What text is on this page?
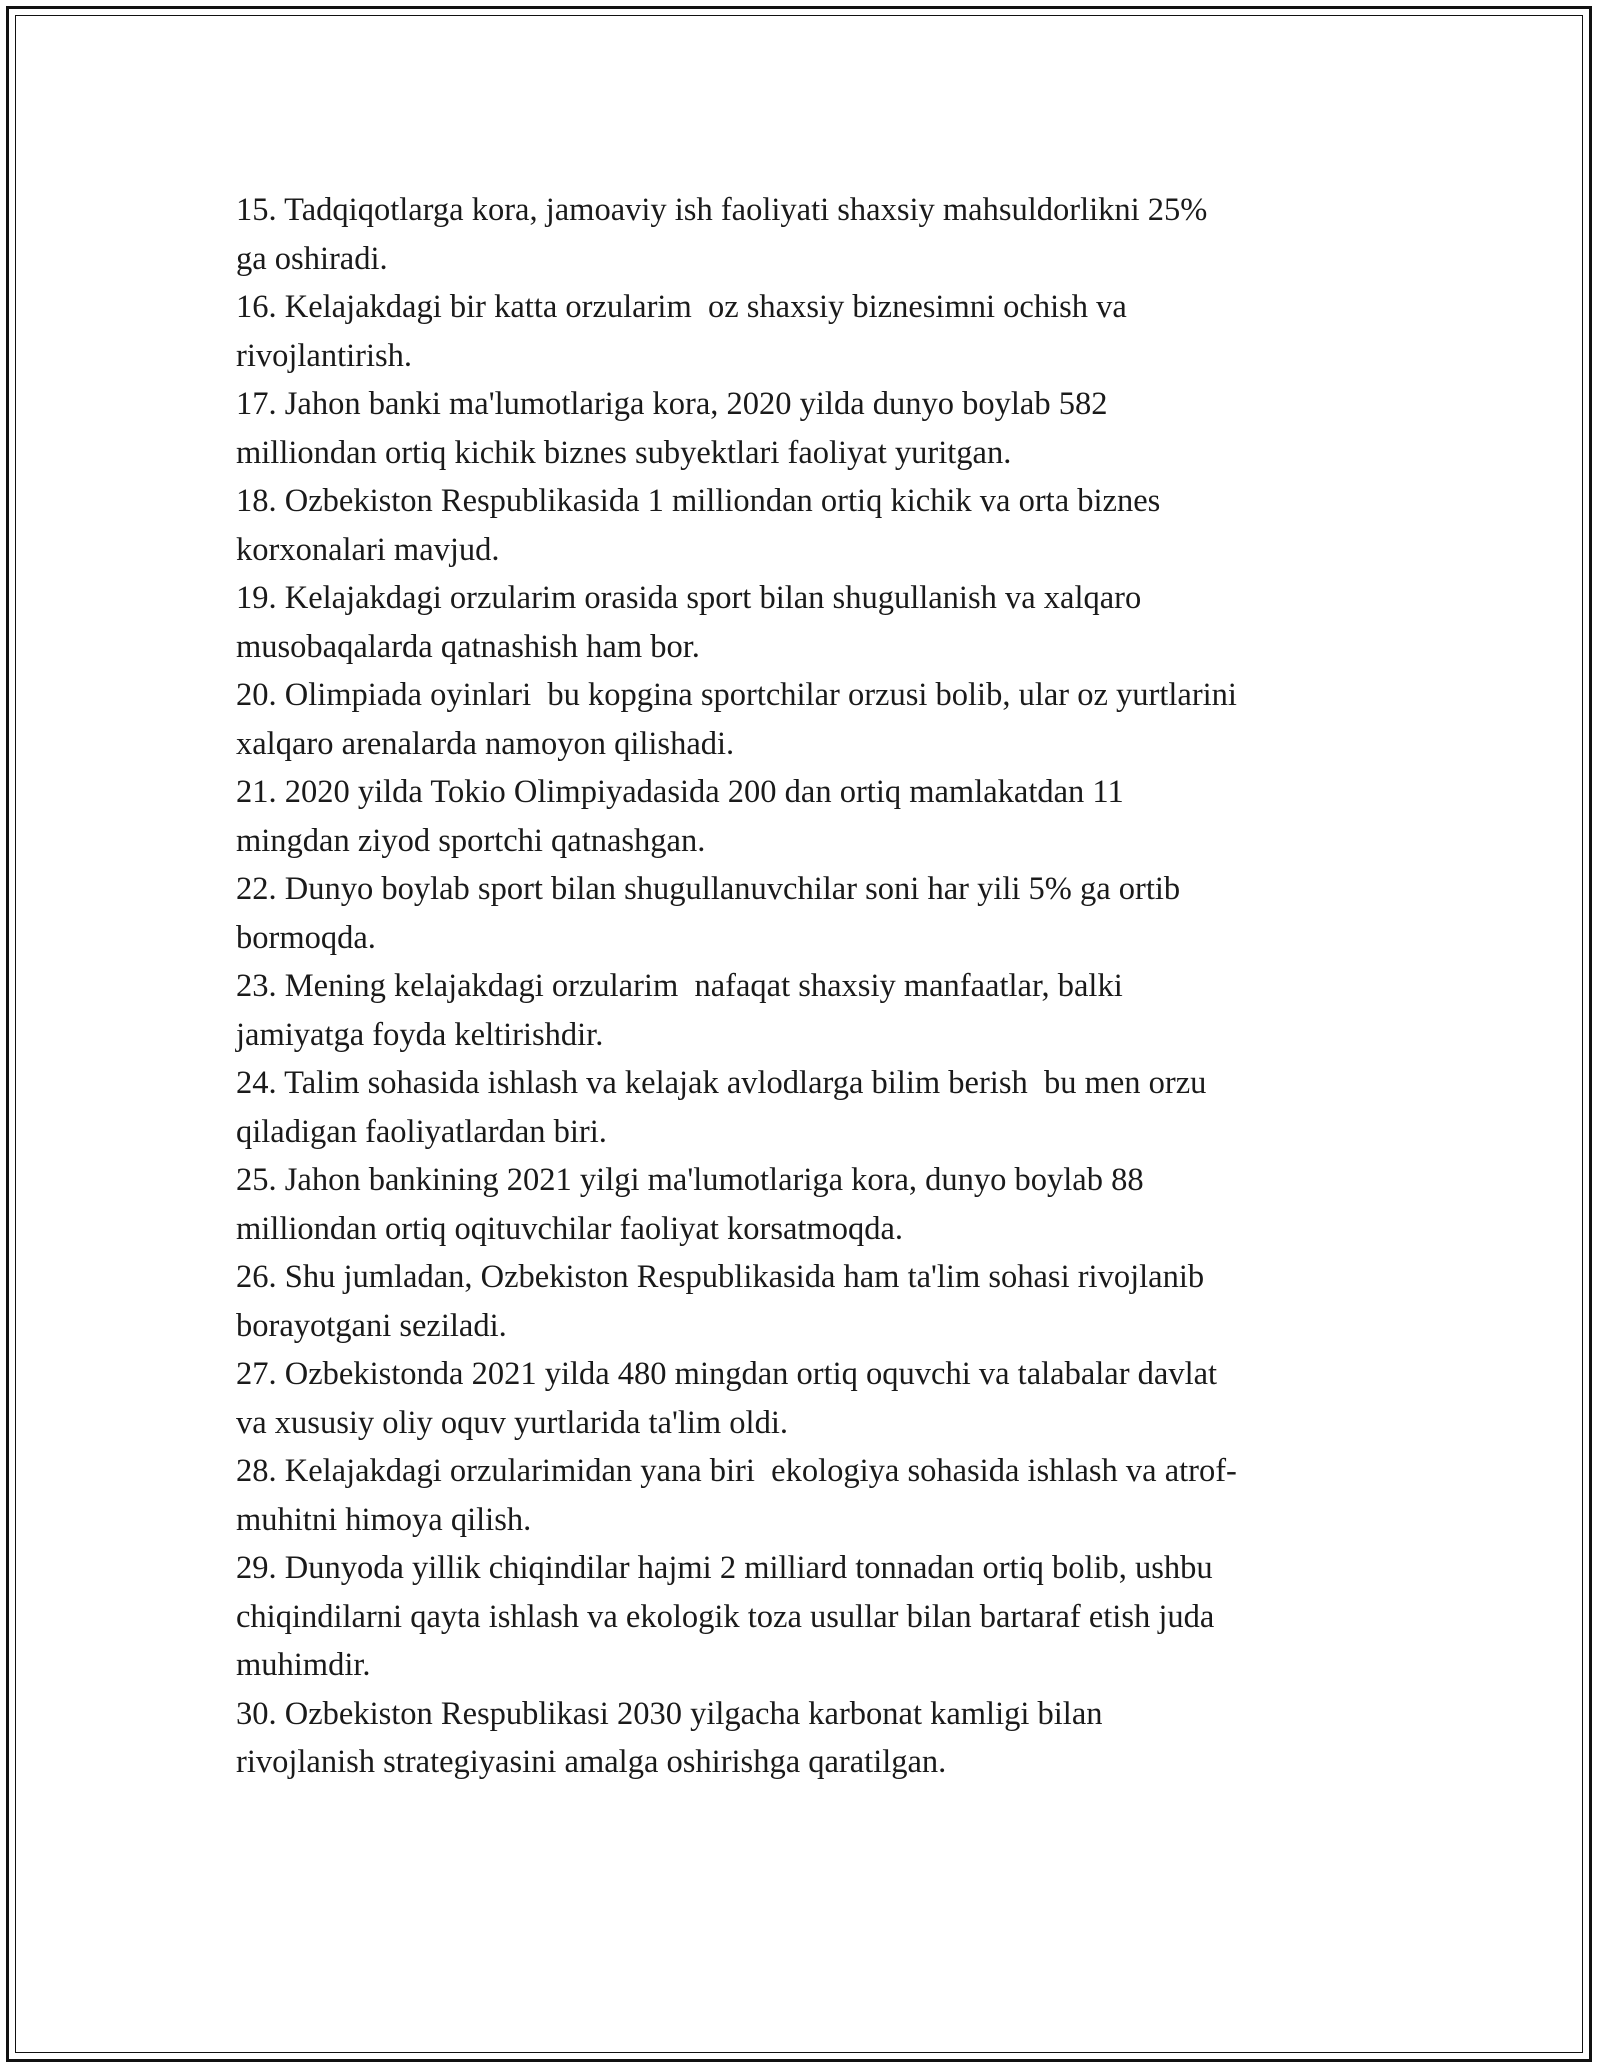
15. Tadqiqotlarga kora, jamoaviy ish faoliyati shaxsiy mahsuldorlikni 25%
ga oshiradi.
16. Kelajakdagi bir katta orzularim  oz shaxsiy biznesimni ochish va
rivojlantirish.
17. Jahon banki ma'lumotlariga kora, 2020 yilda dunyo boylab 582
milliondan ortiq kichik biznes subyektlari faoliyat yuritgan.
18. Ozbekiston Respublikasida 1 milliondan ortiq kichik va orta biznes
korxonalari mavjud.
19. Kelajakdagi orzularim orasida sport bilan shugullanish va xalqaro
musobaqalarda qatnashish ham bor.
20. Olimpiada oyinlari  bu kopgina sportchilar orzusi bolib, ular oz yurtlarini
xalqaro arenalarda namoyon qilishadi.
21. 2020 yilda Tokio Olimpiyadasida 200 dan ortiq mamlakatdan 11
mingdan ziyod sportchi qatnashgan.
22. Dunyo boylab sport bilan shugullanuvchilar soni har yili 5% ga ortib
bormoqda.
23. Mening kelajakdagi orzularim  nafaqat shaxsiy manfaatlar, balki
jamiyatga foyda keltirishdir.
24. Talim sohasida ishlash va kelajak avlodlarga bilim berish  bu men orzu
qiladigan faoliyatlardan biri.
25. Jahon bankining 2021 yilgi ma'lumotlariga kora, dunyo boylab 88
milliondan ortiq oqituvchilar faoliyat korsatmoqda.
26. Shu jumladan, Ozbekiston Respublikasida ham ta'lim sohasi rivojlanib
borayotgani seziladi.
27. Ozbekistonda 2021 yilda 480 mingdan ortiq oquvchi va talabalar davlat
va xususiy oliy oquv yurtlarida ta'lim oldi.
28. Kelajakdagi orzularimidan yana biri  ekologiya sohasida ishlash va atrof-
muhitni himoya qilish.
29. Dunyoda yillik chiqindilar hajmi 2 milliard tonnadan ortiq bolib, ushbu
chiqindilarni qayta ishlash va ekologik toza usullar bilan bartaraf etish juda
muhimdir.
30. Ozbekiston Respublikasi 2030 yilgacha karbonat kamligi bilan
rivojlanish strategiyasini amalga oshirishga qaratilgan.
